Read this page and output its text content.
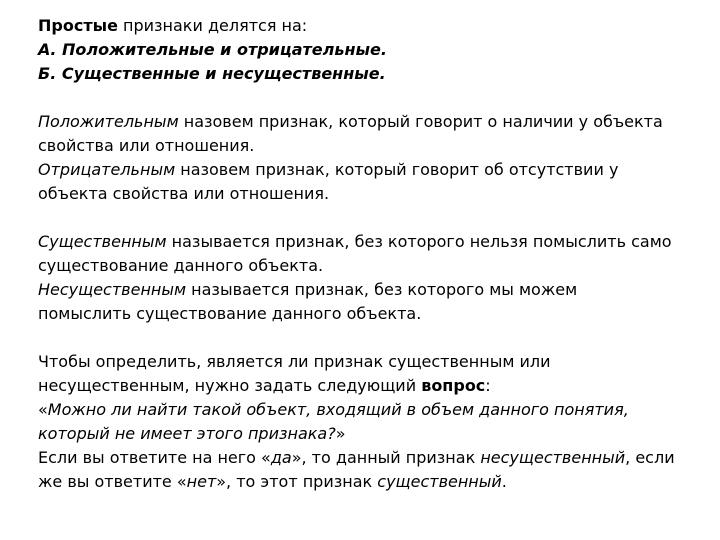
Простые признаки делятся на:
А. Положительные и отрицательные.
Б. Существенные и несущественные.
Положительным назовем признак, который говорит о наличии у объекта
свойства или отношения.
Отрицательным назовем признак, который говорит об отсутствии у
объекта свойства или отношения.
Существенным называется признак, без которого нельзя помыслить само
существование данного объекта.
Несущественным называется признак, без которого мы можем
помыслить существование данного объекта.
Чтобы определить, является ли признак существенным или
несущественным, нужно задать следующий вопрос:
«Можно ли найти такой объект, входящий в объем данного понятия,
который не имеет этого признака?»
Если вы ответите на него «да», то данный признак несущественный, если
же вы ответите «нет», то этот признак существенный.
